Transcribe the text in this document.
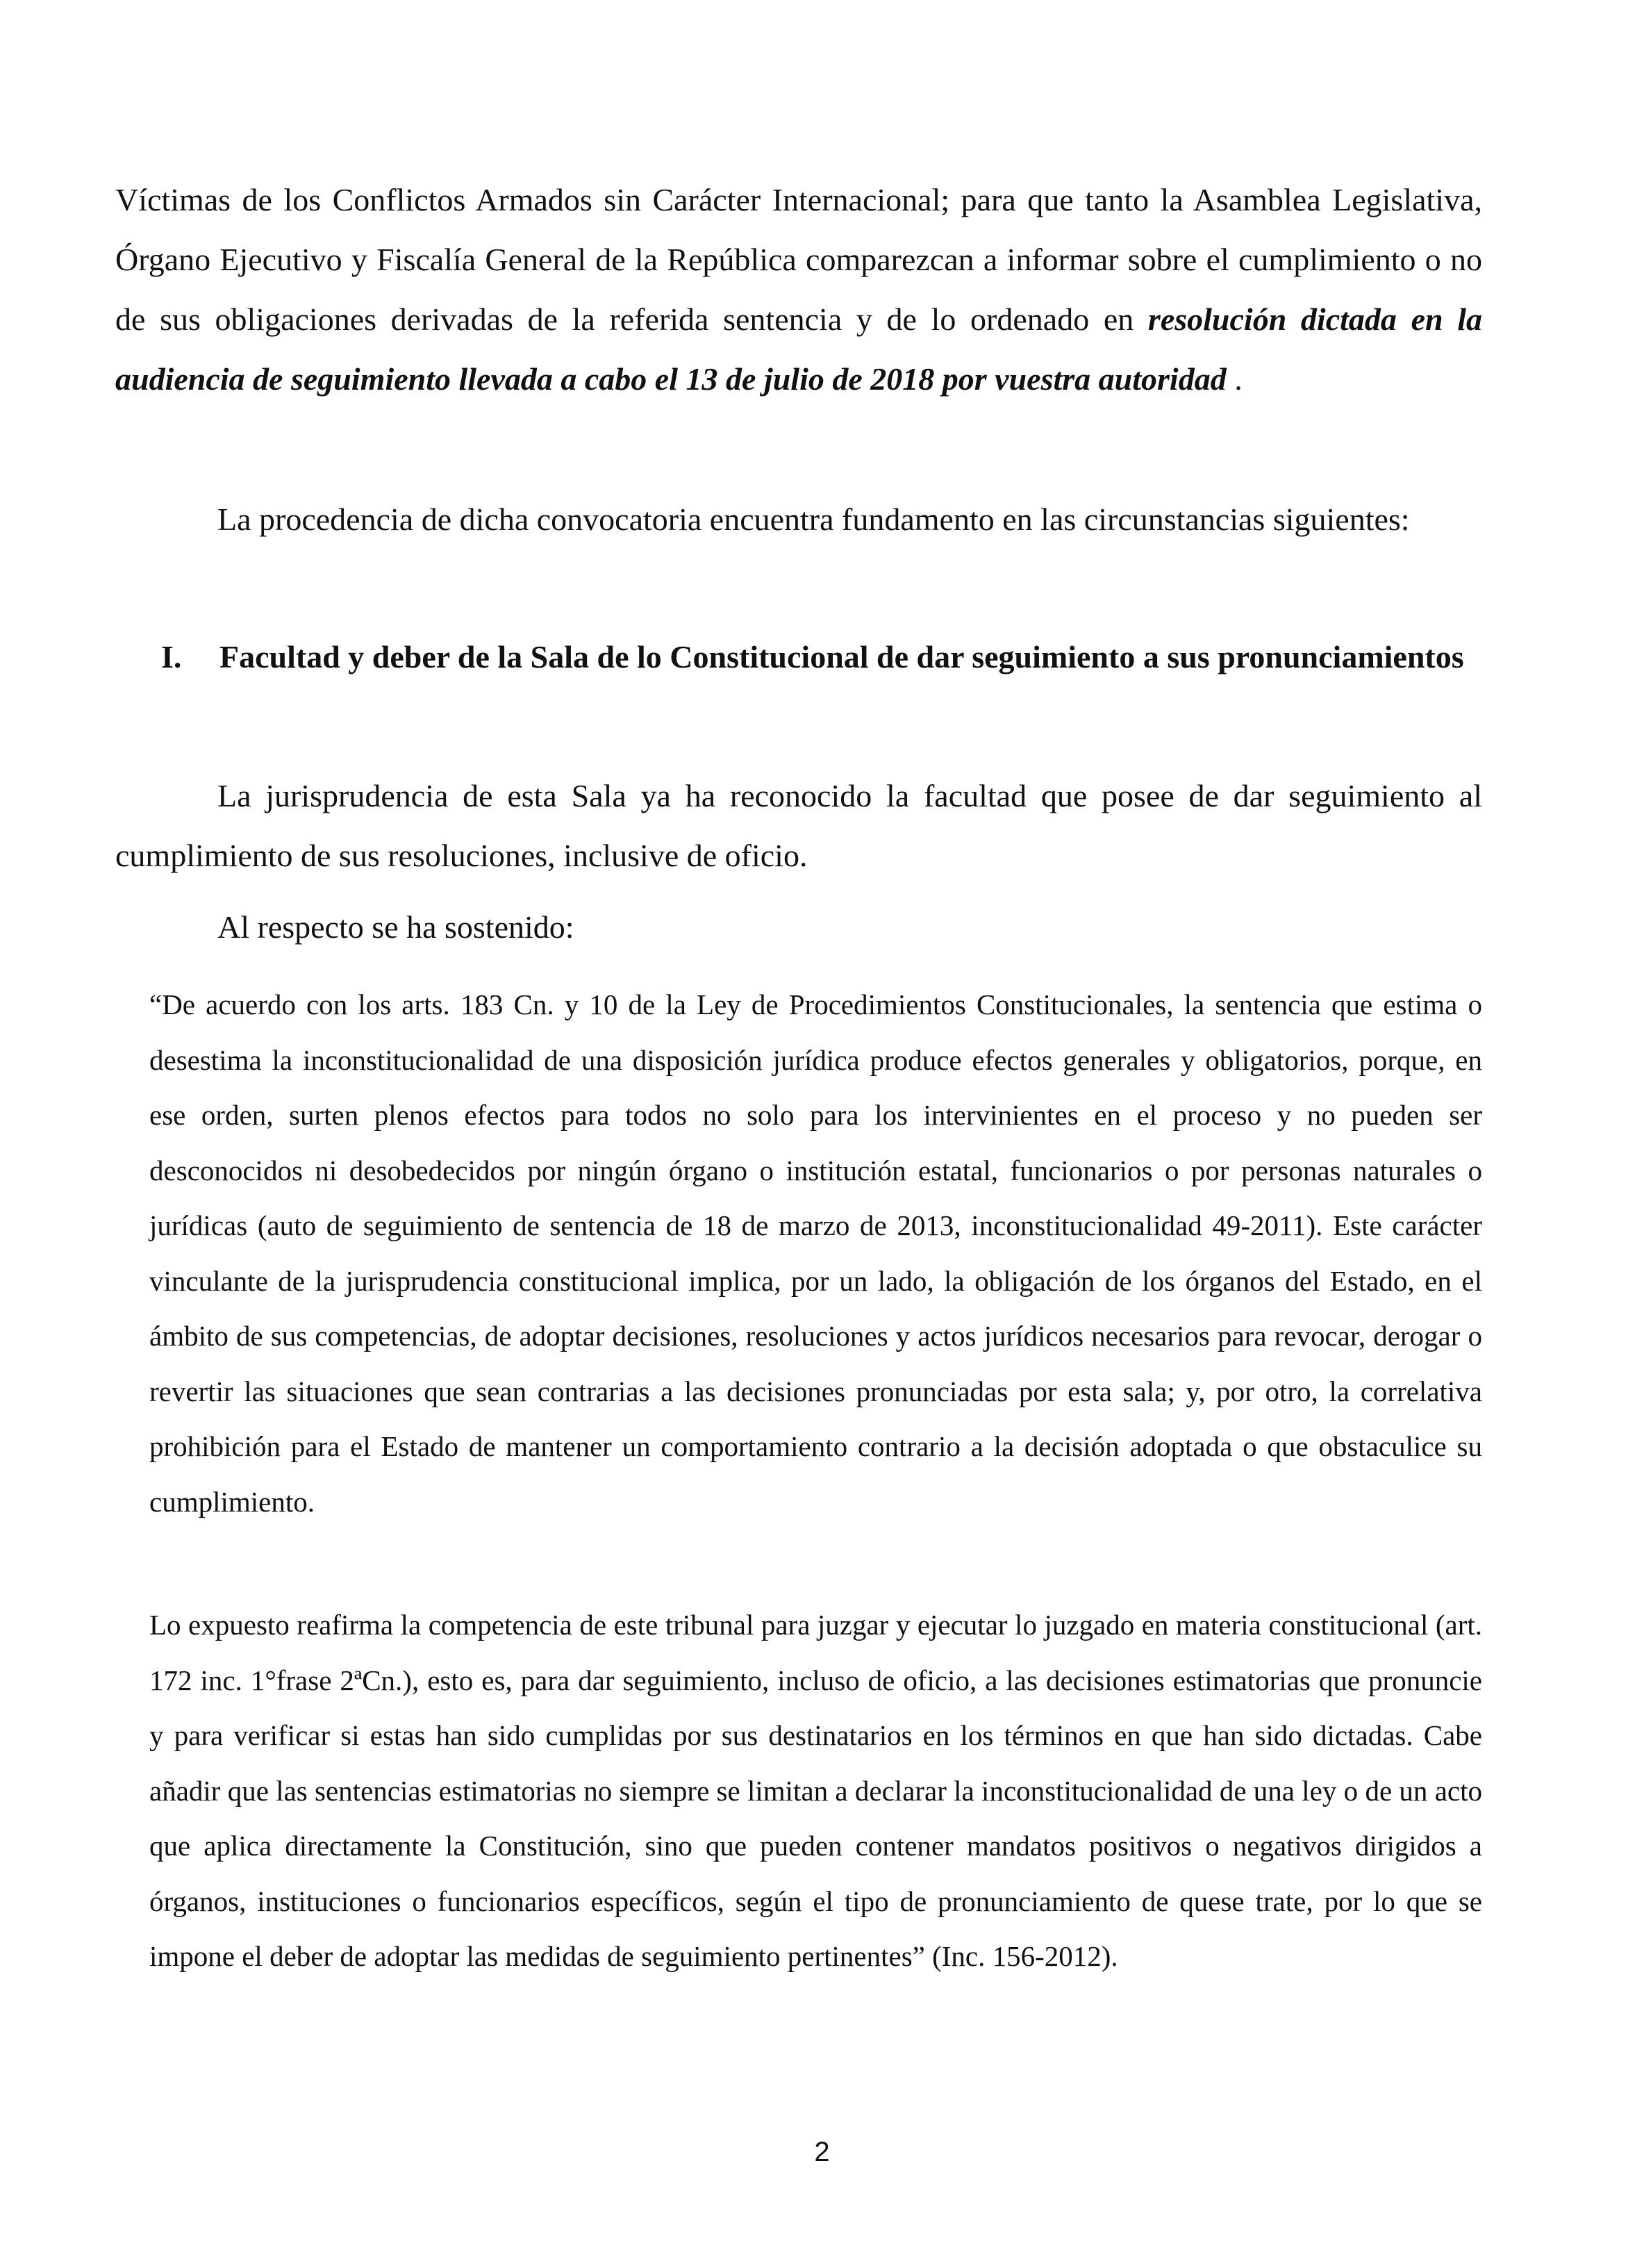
Víctimas de los Conflictos Armados sin Carácter Internacional; para que tanto la Asamblea Legislativa, Órgano Ejecutivo y Fiscalía General de la República comparezcan a informar sobre el cumplimiento o no de sus obligaciones derivadas de la referida sentencia y de lo ordenado en resolución dictada en la audiencia de seguimiento llevada a cabo el 13 de julio de 2018 por vuestra autoridad .

La procedencia de dicha convocatoria encuentra fundamento en las circunstancias siguientes:

I.	Facultad y deber de la Sala de lo Constitucional de dar seguimiento a sus pronunciamientos

La jurisprudencia de esta Sala ya ha reconocido la facultad que posee de dar seguimiento al cumplimiento de sus resoluciones, inclusive de oficio.

Al respecto se ha sostenido:

“De acuerdo con los arts. 183 Cn. y 10 de la Ley de Procedimientos Constitucionales, la sentencia que estima o desestima la inconstitucionalidad de una disposición jurídica produce efectos generales y obligatorios, porque, en ese orden, surten plenos efectos para todos no solo para los intervinientes en el proceso y no pueden ser desconocidos ni desobedecidos por ningún órgano o institución estatal, funcionarios o por personas naturales o jurídicas (auto de seguimiento de sentencia de 18 de marzo de 2013, inconstitucionalidad 49-2011). Este carácter vinculante de la jurisprudencia constitucional implica, por un lado, la obligación de los órganos del Estado, en el ámbito de sus competencias, de adoptar decisiones, resoluciones y actos jurídicos necesarios para revocar, derogar o revertir las situaciones que sean contrarias a las decisiones pronunciadas por esta sala; y, por otro, la correlativa prohibición para el Estado de mantener un comportamiento contrario a la decisión adoptada o que obstaculice su cumplimiento.

Lo expuesto reafirma la competencia de este tribunal para juzgar y ejecutar lo juzgado en materia constitucional (art. 172 inc. 1°frase 2ªCn.), esto es, para dar seguimiento, incluso de oficio, a las decisiones estimatorias que pronuncie y para verificar si estas han sido cumplidas por sus destinatarios en los términos en que han sido dictadas. Cabe añadir que las sentencias estimatorias no siempre se limitan a declarar la inconstitucionalidad de una ley o de un acto que aplica directamente la Constitución, sino que pueden contener mandatos positivos o negativos dirigidos a órganos, instituciones o funcionarios específicos, según el tipo de pronunciamiento de quese trate, por lo que se impone el deber de adoptar las medidas de seguimiento pertinentes” (Inc. 156-2012).

2
